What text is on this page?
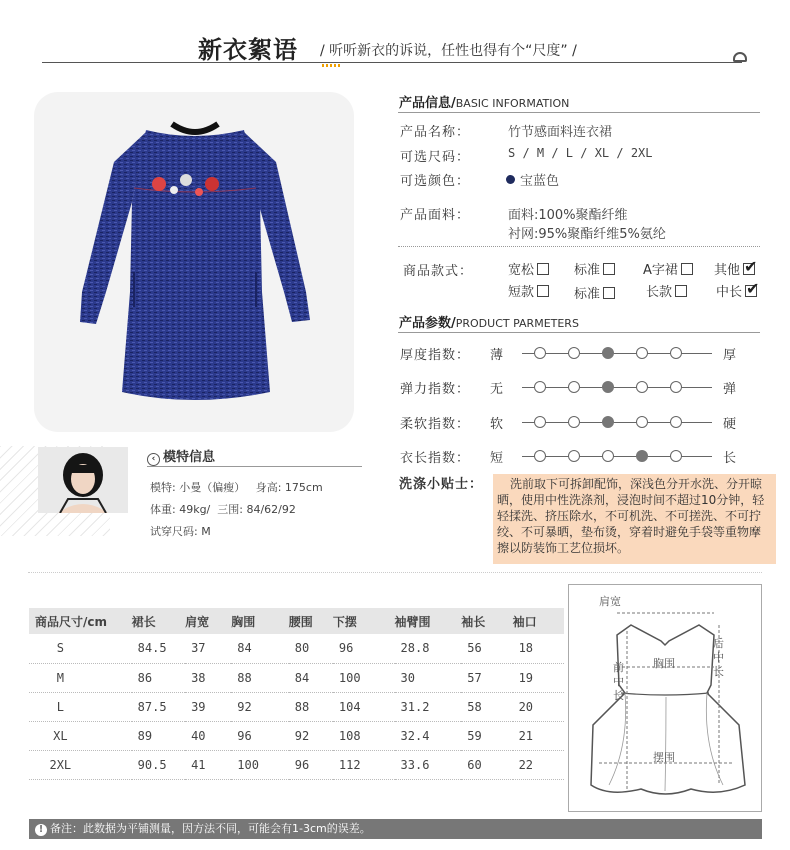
新衣絮语 / 听听新衣的诉说，任性也得有个“尺度” /
‹ 模特信息
模特: 小曼（偏瘦） 身高: 175cm
体重: 49kg/ 三围: 84/62/92
试穿尺码: M
产品信息/BASIC INFORMATION
产品名称：	竹节感面料连衣裙
可选尺码：	S / M / L / XL / 2XL
可选颜色：	宝蓝色
产品面料：	面料:100%聚酯纤维
衬网:95%聚酯纤维5%氨纶
商品款式：	宽松	标准	A字裙	其他✔
短款	标准	长款	中长✔
产品参数/PRODUCT PARMETERS
厚度指数： 薄	厚
弹力指数： 无	弹
柔软指数： 软	硬
衣长指数： 短	长
洗涤小贴士：	洗前取下可拆卸配饰，深浅色分开水洗、分开晾晒，使用中性洗涤剂，浸泡时间不超过10分钟，轻轻揉洗、挤压除水，不可机洗、不可搓洗、不可拧绞、不可暴晒，垫布烫，穿着时避免手袋等重物摩擦以防装饰工艺位损坏。
商品尺寸/cm	裙长	肩宽	胸围	腰围	下摆	袖臂围	袖长	袖口
S	84.5	37	84	80	96	28.8	56	18
M	86	38	88	84	100	30	57	19
L	87.5	39	92	88	104	31.2	58	20
XL	89	40	96	92	108	32.4	59	21
2XL	90.5	41	100	96	112	33.6	60	22
肩宽
胸围
前中长
后中长
摆围
! 备注：此数据为平铺测量，因方法不同，可能会有1-3cm的误差。
